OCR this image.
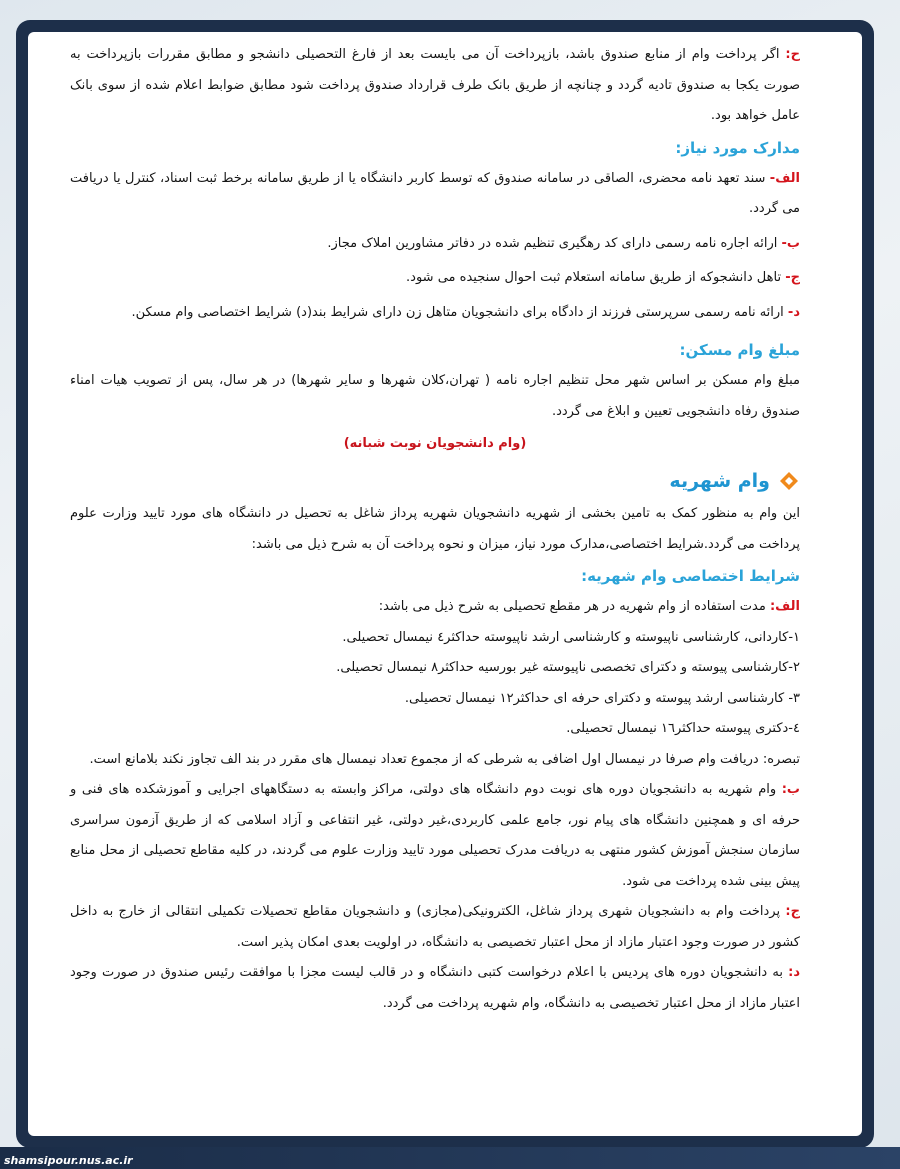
ح: اگر پرداخت وام از منابع صندوق باشد، بازپرداخت آن می بایست بعد از فارغ التحصیلی دانشجو و مطابق مقررات بازپرداخت به صورت یکجا به صندوق تادیه گردد و چنانچه از طریق بانک طرف قرارداد صندوق پرداخت شود مطابق ضوابط اعلام شده از سوی بانک عامل خواهد بود.

مدارک مورد نیاز:

الف- سند تعهد نامه محضری، الصاقی در سامانه صندوق که توسط کاربر دانشگاه یا از طریق سامانه برخط ثبت اسناد، کنترل یا دریافت می گردد.

ب- ارائه اجاره نامه رسمی دارای کد رهگیری تنظیم شده در دفاتر مشاورین املاک مجاز.

ج- تاهل دانشجوکه از طریق سامانه استعلام ثبت احوال سنجیده می شود.

د- ارائه نامه رسمی سرپرستی فرزند از دادگاه برای دانشجویان متاهل زن دارای شرایط بند(د) شرایط اختصاصی وام مسکن.

مبلغ وام مسکن:

مبلغ وام مسکن بر اساس شهر محل تنظیم اجاره نامه ( تهران،کلان شهرها و سایر شهرها) در هر سال، پس از تصویب هیات امناء صندوق رفاه دانشجویی تعیین و ابلاغ می گردد.

(وام دانشجویان نوبت شبانه)

وام شهریه

این وام به منظور کمک به تامین بخشی از شهریه دانشجویان شهریه پرداز شاغل به تحصیل در دانشگاه های مورد تایید وزارت علوم پرداخت می گردد.شرایط اختصاصی،مدارک مورد نیاز، میزان و نحوه پرداخت آن به شرح ذیل می باشد:

شرایط اختصاصی وام شهریه:

الف: مدت استفاده از وام شهریه در هر مقطع تحصیلی به شرح ذیل می باشد:

۱-کاردانی، کارشناسی ناپیوسته و کارشناسی ارشد ناپیوسته حداکثر٤ نیمسال تحصیلی.

۲-کارشناسی پیوسته و دکترای تخصصی ناپیوسته غیر بورسیه حداکثر۸ نیمسال تحصیلی.

۳- کارشناسی ارشد پیوسته و دکترای حرفه ای حداکثر۱۲ نیمسال تحصیلی.

٤-دکتری پیوسته حداکثر۱٦ نیمسال تحصیلی.

تبصره: دریافت وام صرفا در نیمسال اول اضافی به شرطی که از مجموع تعداد نیمسال های مقرر در بند الف تجاوز نکند بلامانع است.

ب: وام شهریه به دانشجویان دوره های نوبت دوم دانشگاه های دولتی، مراکز وابسته به دستگاههای اجرایی و آموزشکده های فنی و حرفه ای و همچنین دانشگاه های پیام نور، جامع علمی کاربردی،غیر دولتی، غیر انتفاعی و آزاد اسلامی که از طریق آزمون سراسری سازمان سنجش آموزش کشور منتهی به دریافت مدرک تحصیلی مورد تایید وزارت علوم می گردند، در کلیه مقاطع تحصیلی از محل منابع پیش بینی شده پرداخت می شود.

ج: پرداخت وام به دانشجویان شهری پرداز شاغل، الکترونیکی(مجازی) و دانشجویان مقاطع تحصیلات تکمیلی انتقالی از خارج به داخل کشور در صورت وجود اعتبار مازاد از محل اعتبار تخصیصی به دانشگاه، در اولویت بعدی امکان پذیر است.

د: به دانشجویان دوره های پردیس با اعلام درخواست کتبی دانشگاه و در قالب لیست مجزا با موافقت رئیس صندوق در صورت وجود اعتبار مازاد از محل اعتبار تخصیصی به دانشگاه، وام شهریه پرداخت می گردد.

shamsipour.nus.ac.ir
